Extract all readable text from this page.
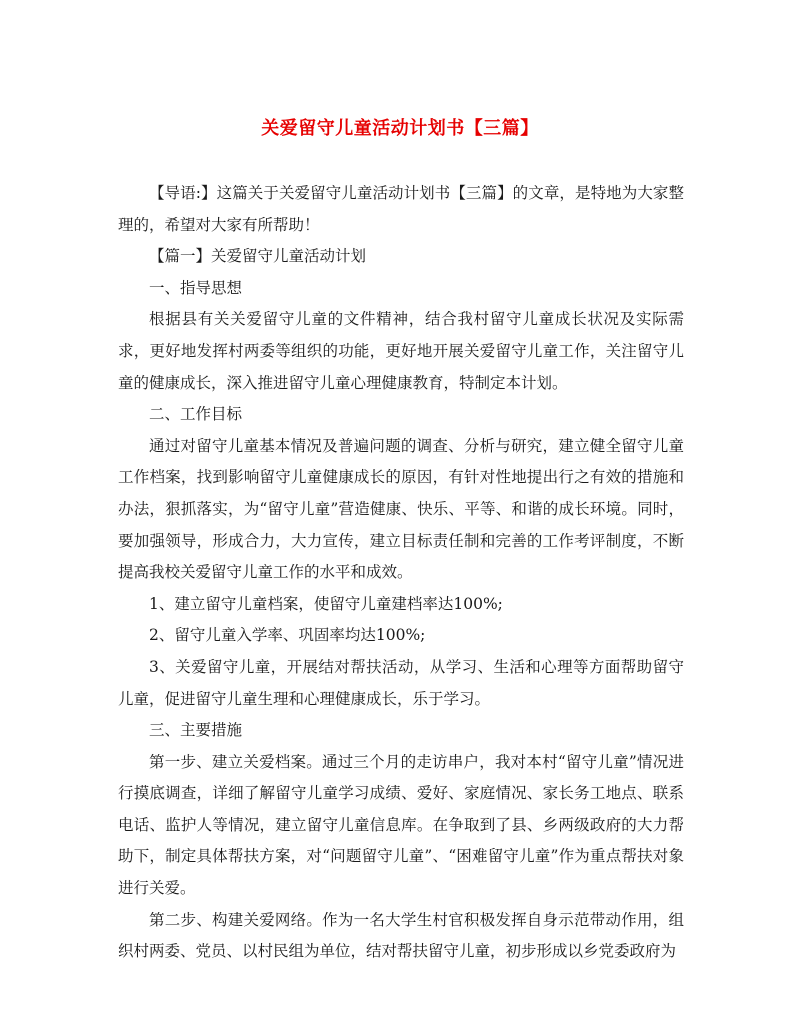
关爱留守儿童活动计划书【三篇】

【导语:】这篇关于关爱留守儿童活动计划书【三篇】的文章，是特地为大家整理的，希望对大家有所帮助！

【篇一】关爱留守儿童活动计划

一、指导思想

根据县有关关爱留守儿童的文件精神，结合我村留守儿童成长状况及实际需求，更好地发挥村两委等组织的功能，更好地开展关爱留守儿童工作，关注留守儿童的健康成长，深入推进留守儿童心理健康教育，特制定本计划。

二、工作目标

通过对留守儿童基本情况及普遍问题的调查、分析与研究，建立健全留守儿童工作档案，找到影响留守儿童健康成长的原因，有针对性地提出行之有效的措施和办法，狠抓落实，为“留守儿童”营造健康、快乐、平等、和谐的成长环境。同时，要加强领导，形成合力，大力宣传，建立目标责任制和完善的工作考评制度，不断提高我校关爱留守儿童工作的水平和成效。

1、建立留守儿童档案，使留守儿童建档率达100%;

2、留守儿童入学率、巩固率均达100%;

3、关爱留守儿童，开展结对帮扶活动，从学习、生活和心理等方面帮助留守儿童，促进留守儿童生理和心理健康成长，乐于学习。

三、主要措施

第一步、建立关爱档案。通过三个月的走访串户，我对本村“留守儿童”情况进行摸底调查，详细了解留守儿童学习成绩、爱好、家庭情况、家长务工地点、联系电话、监护人等情况，建立留守儿童信息库。在争取到了县、乡两级政府的大力帮助下，制定具体帮扶方案，对“问题留守儿童”、“困难留守儿童”作为重点帮扶对象进行关爱。

第二步、构建关爱网络。作为一名大学生村官积极发挥自身示范带动作用，组织村两委、党员、以村民组为单位，结对帮扶留守儿童，初步形成以乡党委政府为
